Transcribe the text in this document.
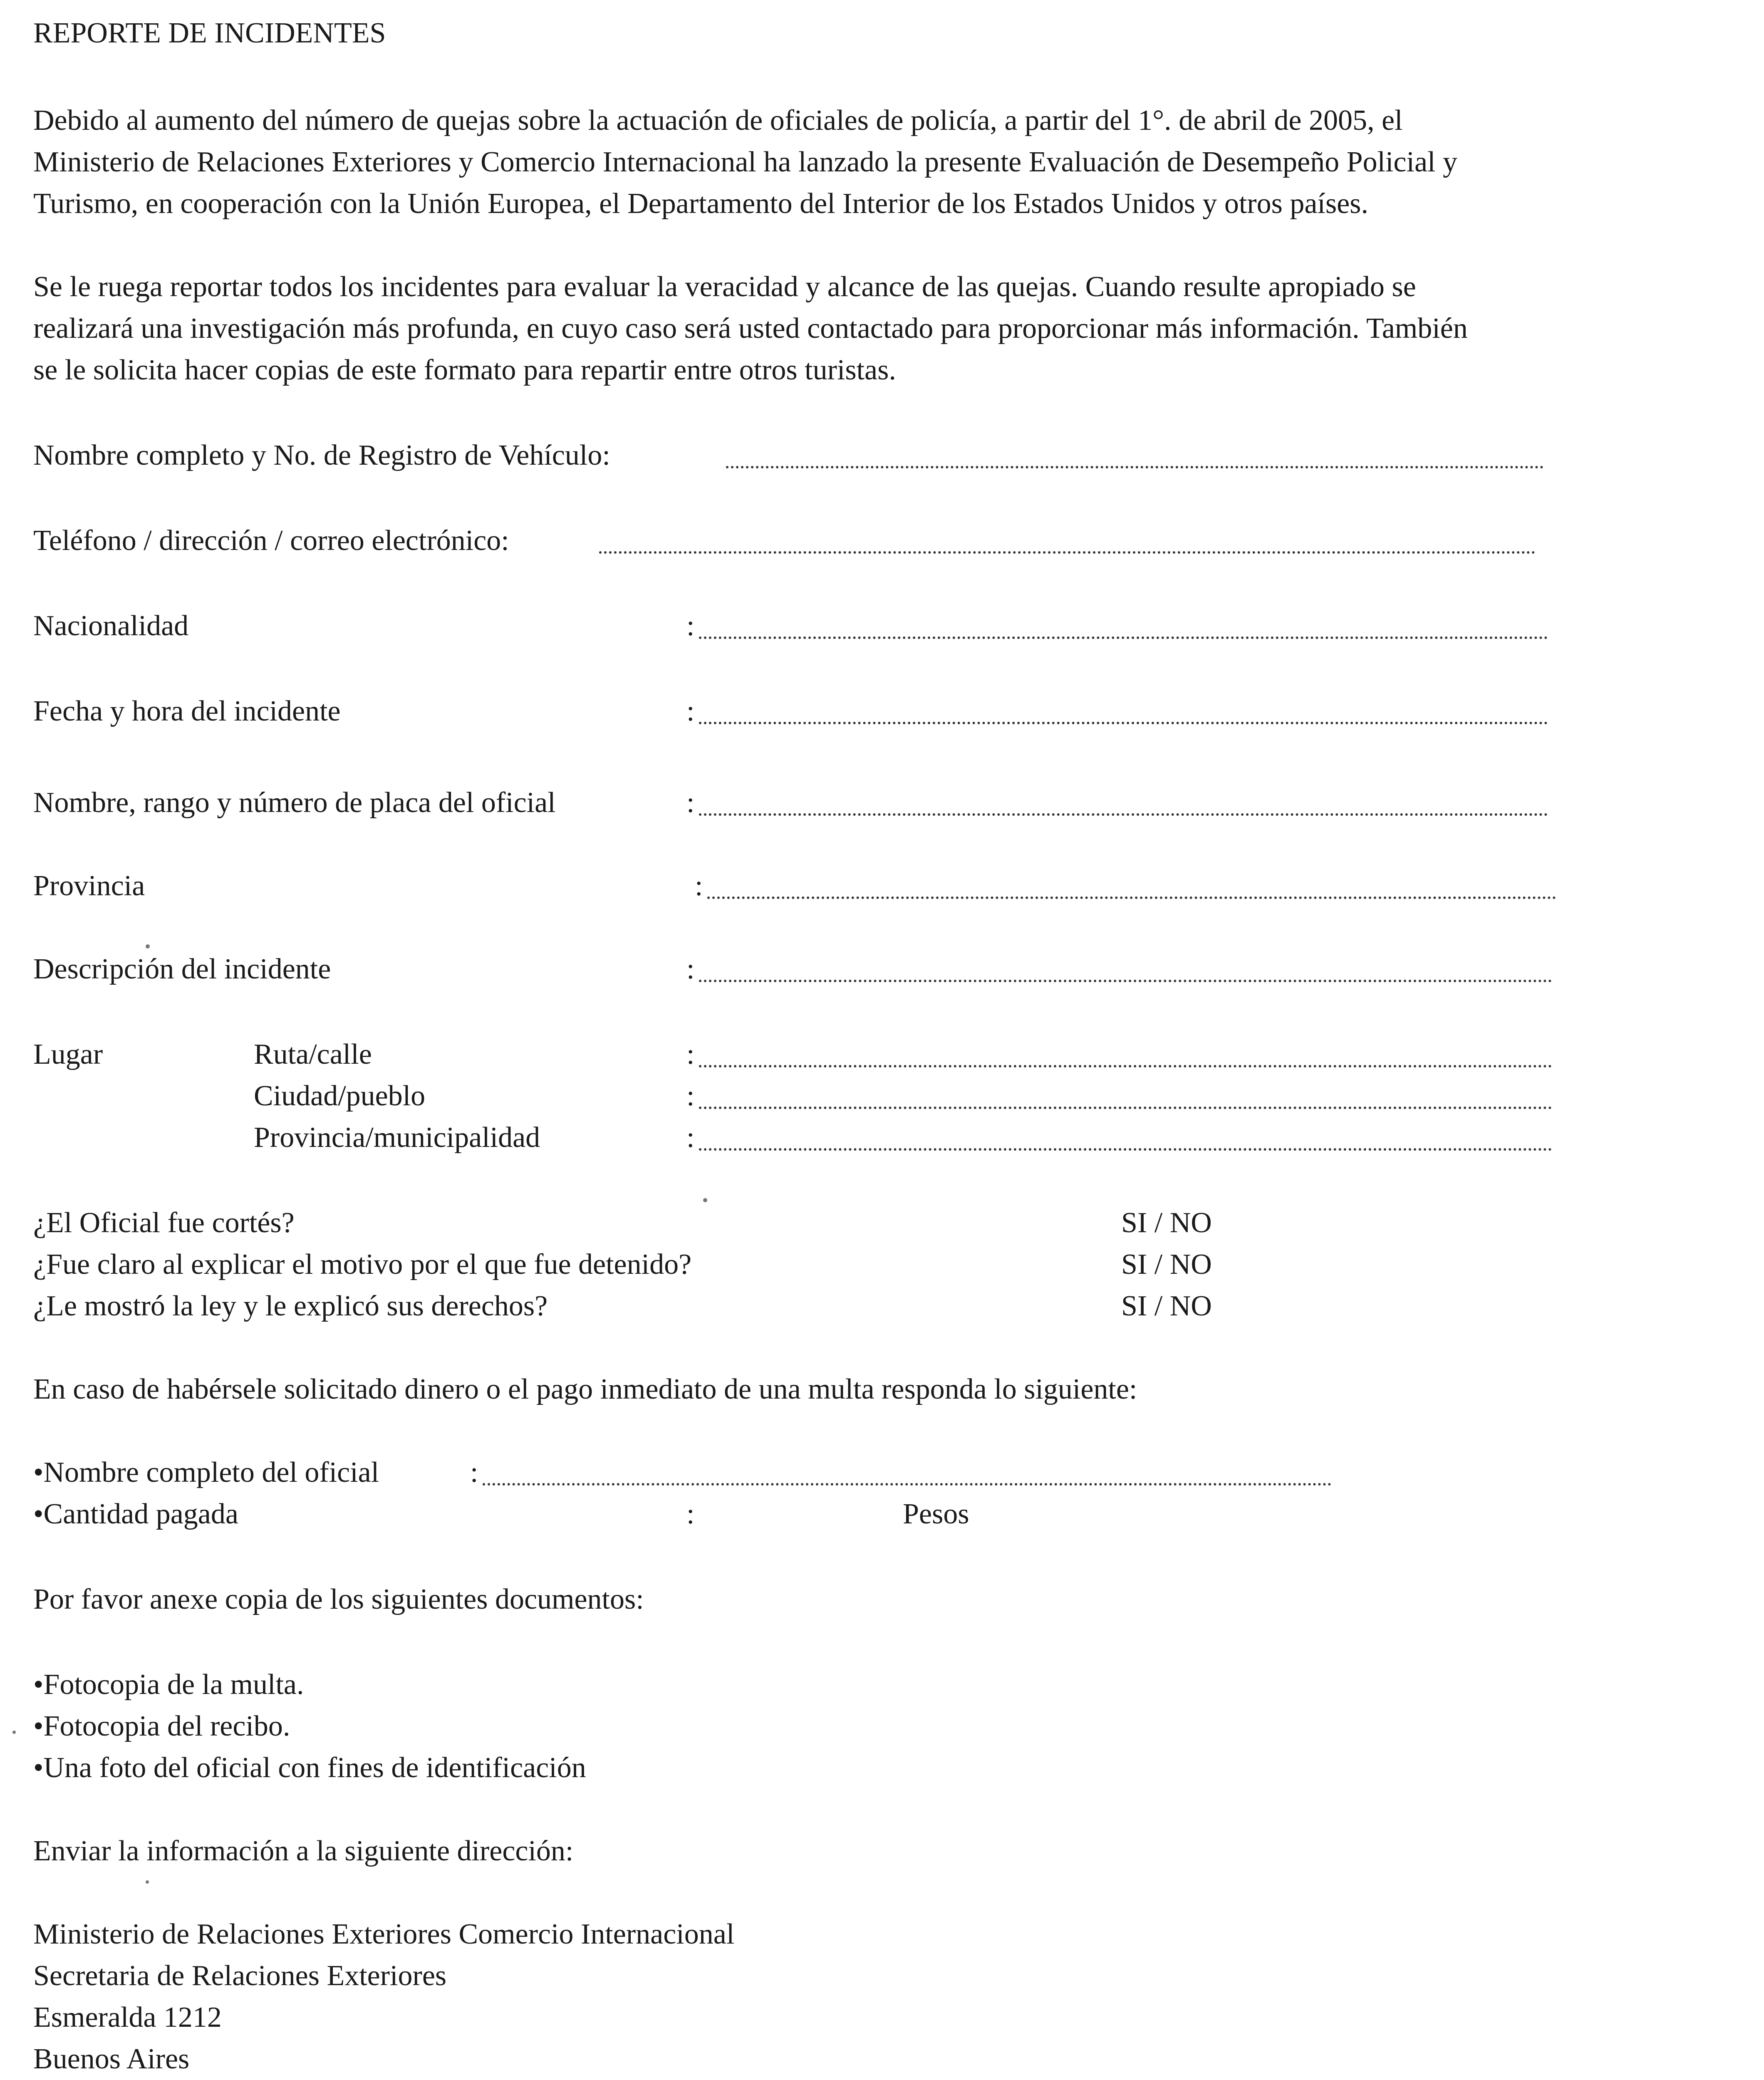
REPORTE DE INCIDENTES
Debido al aumento del número de quejas sobre la actuación de oficiales de policía, a partir del 1°. de abril de 2005, el
Ministerio de Relaciones Exteriores y Comercio Internacional ha lanzado la presente Evaluación de Desempeño Policial y
Turismo, en cooperación con la Unión Europea, el Departamento del Interior de los Estados Unidos y otros países.
Se le ruega reportar todos los incidentes para evaluar la veracidad y alcance de las quejas. Cuando resulte apropiado se
realizará una investigación más profunda, en cuyo caso será usted contactado para proporcionar más información. También
se le solicita hacer copias de este formato para repartir entre otros turistas.
Nombre completo y No. de Registro de Vehículo:
Teléfono / dirección / correo electrónico:
Nacionalidad	:
Fecha y hora del incidente	:
Nombre, rango y número de placa del oficial	:
Provincia	:
Descripción del incidente	:
Lugar	Ruta/calle	:
Ciudad/pueblo	:
Provincia/municipalidad	:
¿El Oficial fue cortés?	SI / NO
¿Fue claro al explicar el motivo por el que fue detenido?	SI / NO
¿Le mostró la ley y le explicó sus derechos?	SI / NO
En caso de habérsele solicitado dinero o el pago inmediato de una multa responda lo siguiente:
•Nombre completo del oficial	:
•Cantidad pagada	:	Pesos
Por favor anexe copia de los siguientes documentos:
•Fotocopia de la multa.
•Fotocopia del recibo.
•Una foto del oficial con fines de identificación
Enviar la información a la siguiente dirección:
Ministerio de Relaciones Exteriores Comercio Internacional
Secretaria de Relaciones Exteriores
Esmeralda 1212
Buenos Aires
